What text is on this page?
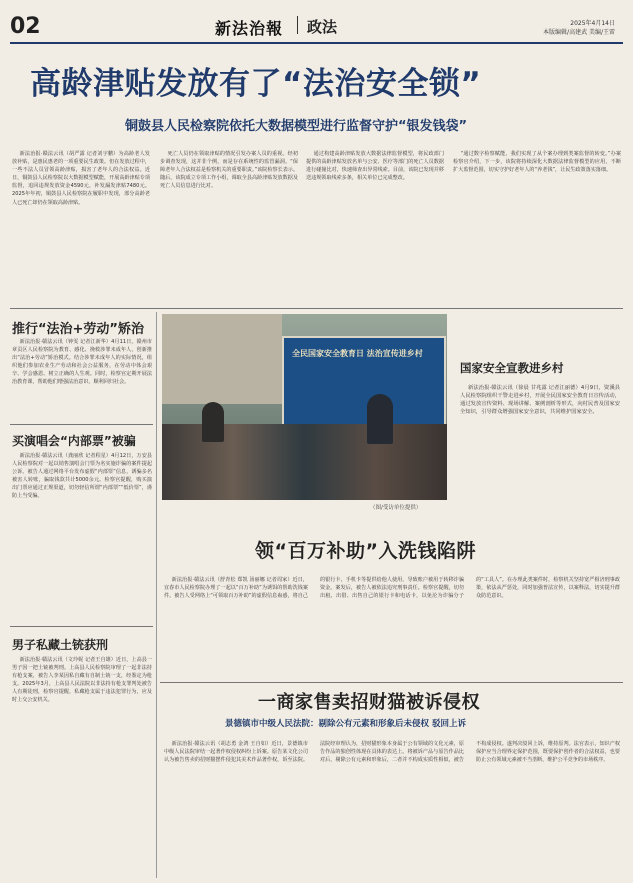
02	新法治報 政法	2025年4月14日
本版编辑/高建武 美编/王雷
高龄津贴发放有了“法治安全锁”
铜鼓县人民检察院依托大数据模型进行监督守护“银发钱袋”

新法治报·赣法云讯（胡严露 记者刘宇鹏）为高龄老人发放补贴，是惠民惠老的一项重要民生政策。但在发放过程中，一些不法人员冒领高龄津贴，损害了老年人的合法权益。近日，铜鼓县人民检察院以大数据模型赋能，开展高龄津贴专项监督，追回违规发放资金4590元，补发漏发津贴7480元。2025年年初，铜鼓县人民检察院在履职中发现，部分高龄老人已死亡却仍在领取高龄津贴。

死亡人员仍在领取津贴的情况引发办案人员的重视。经初步调查发现，这并非个例，而是存在系统性的监管漏洞。“保障老年人合法权益是检察机关的重要职责。”该院检察长表示。随后，该院成立专项工作小组，调取全县高龄津贴发放数据及死亡人员信息进行比对。

通过构建高龄津贴发放大数据法律监督模型，将民政部门提供的高龄津贴发放名单与公安、医疗等部门的死亡人员数据进行碰撞比对，快速筛查出异常线索。目前，该院已发现并移送违规领取线索多条，相关单位已完成整改。

“通过数字检察赋能，我们实现了从个案办理到类案监督的转变。”办案检察官介绍，下一步，该院将持续深化大数据法律监督模型的应用，不断扩大监督范围，切实守护好老年人的“养老钱”，让民生政策落实落细。

推行“法治+劳动”矫治

新法治报·赣法云讯（钟雯 记者江新华）4月11日，赣州市章贡区人民检察院为教育、感化、挽救涉罪未成年人，创新推出“法治+劳动”矫治模式。结合涉罪未成年人的实际情况，组织他们参加农业生产劳动和社会公益服务，在劳动中体会艰辛、学会感恩、树立正确的人生观。同时，检察官定期开展法治教育课，帮助他们增强法治意识，顺利回归社会。

买演唱会“内部票”被骗

新法治报·赣法云讯（龚丽欣 记者程星）4月12日，万安县人民检察院对一起以销售演唱会门票为名实施诈骗的案件提起公诉。被告人通过网络平台发布虚假“内部票”信息，诱骗多名被害人转账，骗取钱款共计5000余元。检察官提醒，购买演出门票应通过正规渠道，切勿轻信所谓“内部票”“低价票”，谨防上当受骗。

男子私藏土铳获刑

新法治报·赣法云讯（文玲妮 记者王自雄）近日，上高县一男子因一把土铳被判刑。上高县人民检察院审理了一起非法持有枪支案，被告人李某因私自藏有自制土铳一支，经鉴定为枪支。2025年3月，上高县人民法院以非法持有枪支罪判处被告人有期徒刑，检察官提醒，私藏枪支属于违法犯罪行为，应及时上交公安机关。

全民国家安全教育日 法治宣传进乡村
（图/受访单位提供）
国家安全宣教进乡村

新法治报·赣法云讯（徐晨 甘兆露 记者江丽德）4月9日，资溪县人民检察院组织干警走进乡村，开展全民国家安全教育日宣传活动，通过发放宣传资料、现场讲解、案例剖析等形式，向村民普及国家安全知识，引导群众增强国家安全意识，共同维护国家安全。

领“百万补助”入洗钱陷阱

新法治报·赣法云讯（舒青松 郑凯 汤丽娜 记者周家）近日，宜春市人民检察院办理了一起以“百万补助”为诱饵的帮助洗钱案件。被告人受网络上“可领取百万补助”的虚假信息蛊惑，将自己的银行卡、手机卡等提供给他人使用，导致账户被用于转移诈骗资金。案发后，被告人被依法追究刑事责任。检察官提醒，切勿出租、出借、出售自己的银行卡和电话卡，以免沦为诈骗分子的“工具人”。在办理此类案件时，检察机关坚持宽严相济刑事政策，依法从严惩处，同时加强普法宣传，以案释法，切实提升群众防范意识。

一商家售卖招财猫被诉侵权
景德镇市中级人民法院：剔除公有元素和形象后未侵权 驳回上诉

新法治报·赣法云讯（胡志勇 金鸿 王自如）近日，景德镇市中级人民法院审结一起著作权侵权纠纷上诉案。原告某文化公司认为被告售卖的招财猫摆件侵犯其美术作品著作权，诉至法院。法院经审理认为，招财猫形象本身属于公有领域的文化元素，原告作品的独创性体现在具体的表达上。将被诉产品与原告作品比对后，剔除公有元素和形象后，二者并不构成实质性相似，被告不构成侵权。遂判决驳回上诉，维持原判。法官表示，知识产权保护应当合理界定保护范围，既要保护创作者的合法权益，也要防止公有领域元素被不当垄断，维护公平竞争的市场秩序。
